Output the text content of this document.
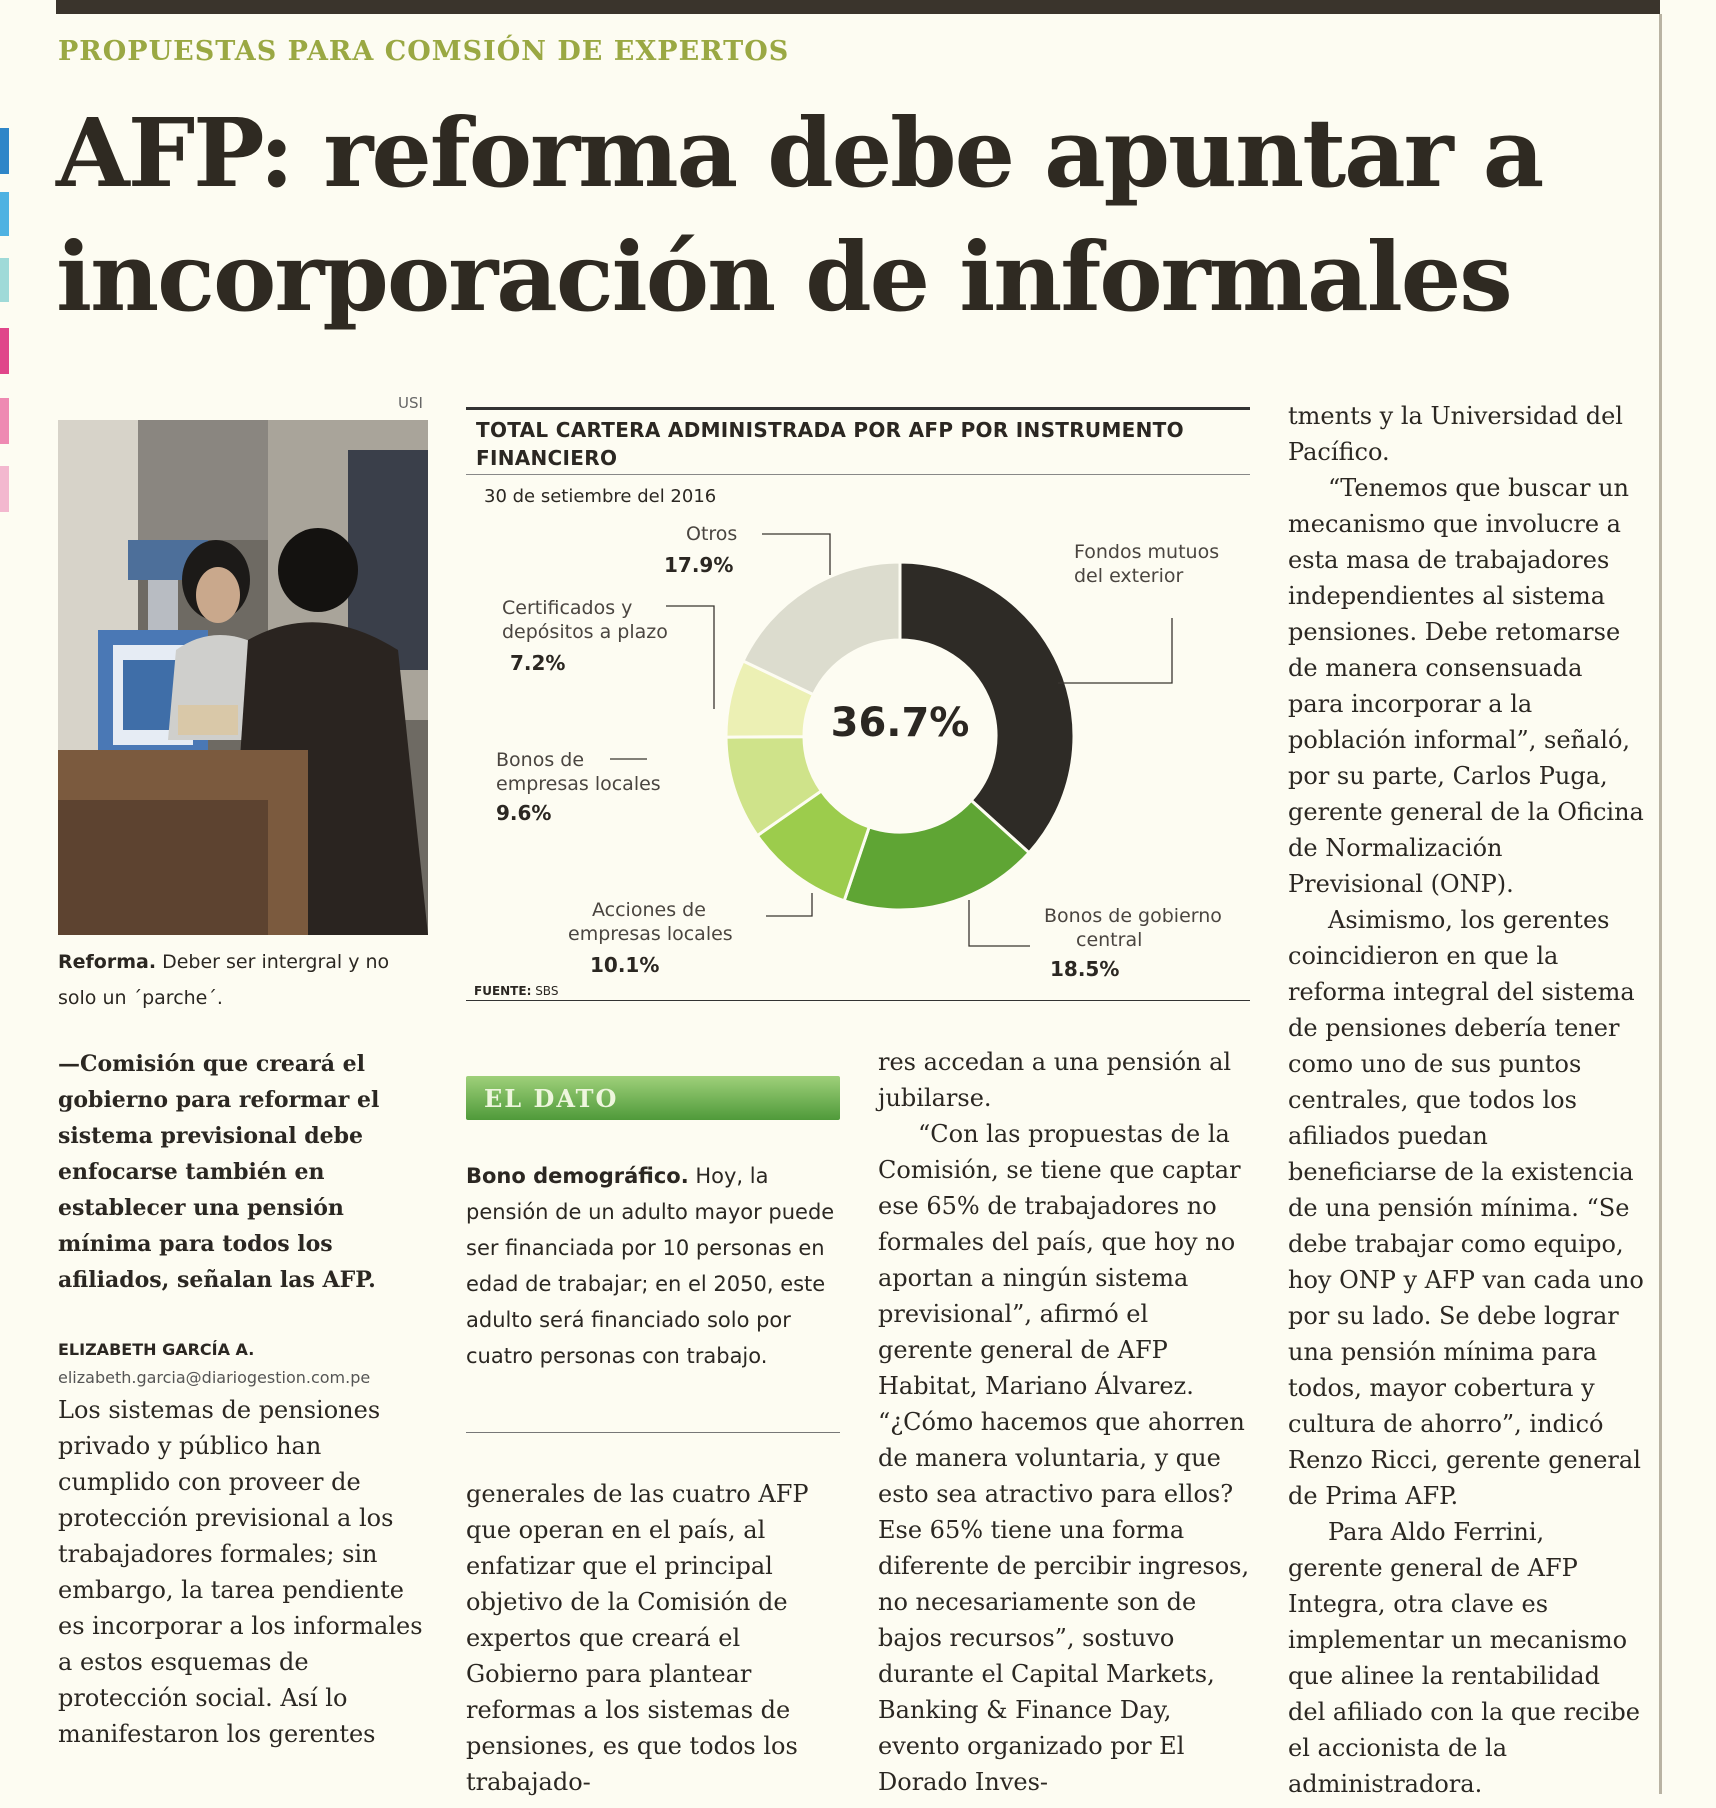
PROPUESTAS PARA COMSIÓN DE EXPERTOS
AFP: reforma debe apuntar a incorporación de informales
USI
Reforma. Deber ser intergral y no solo un ´parche´.

—Comisión que creará el gobierno para reformar el sistema previsional debe enfocarse también en establecer una pensión mínima para todos los afiliados, señalan las AFP.

ELIZABETH GARCÍA A.
elizabeth.garcia@diariogestion.com.pe

Los sistemas de pensiones privado y público han cumplido con proveer de protección previsional a los trabajadores formales; sin embargo, la tarea pendiente es incorporar a los informales a estos esquemas de protección social. Así lo manifestaron los gerentes

TOTAL CARTERA ADMINISTRADA POR AFP POR INSTRUMENTO FINANCIERO
30 de setiembre del 2016
36.7%
Fondos mutuos
del exterior
Bonos de gobierno
central
18.5%
Acciones de
empresas locales
10.1%
Bonos de
empresas locales
9.6%
Certificados y
depósitos a plazo
7.2%
Otros
17.9%
FUENTE: SBS
EL DATO

Bono demográfico. Hoy, la pensión de un adulto mayor puede ser financiada por 10 personas en edad de trabajar; en el 2050, este adulto será financiado solo por cuatro personas con trabajo.

generales de las cuatro AFP que operan en el país, al enfatizar que el principal objetivo de la Comisión de expertos que creará el Gobierno para plantear reformas a los sistemas de pensiones, es que todos los trabajado-

res accedan a una pensión al jubilarse.

“Con las propuestas de la Comisión, se tiene que captar ese 65% de trabajadores no formales del país, que hoy no aportan a ningún sistema previsional”, afirmó el gerente general de AFP Habitat, Mariano Álvarez. “¿Cómo hacemos que ahorren de manera voluntaria, y que esto sea atractivo para ellos? Ese 65% tiene una forma diferente de percibir ingresos, no necesariamente son de bajos recursos”, sostuvo durante el Capital Markets, Banking & Finance Day, evento organizado por El Dorado Inves-

tments y la Universidad del Pacífico.

“Tenemos que buscar un mecanismo que involucre a esta masa de trabajadores independientes al sistema pensiones. Debe retomarse de manera consensuada para incorporar a la población informal”, señaló, por su parte, Carlos Puga, gerente general de la Oficina de Normalización Previsional (ONP).

Asimismo, los gerentes coincidieron en que la reforma integral del sistema de pensiones debería tener como uno de sus puntos centrales, que todos los afiliados puedan beneficiarse de la existencia de una pensión mínima. “Se debe trabajar como equipo, hoy ONP y AFP van cada uno por su lado. Se debe lograr una pensión mínima para todos, mayor cobertura y cultura de ahorro”, indicó Renzo Ricci, gerente general de Prima AFP.

Para Aldo Ferrini, gerente general de AFP Integra, otra clave es implementar un mecanismo que alinee la rentabilidad del afiliado con la que recibe el accionista de la administradora.
